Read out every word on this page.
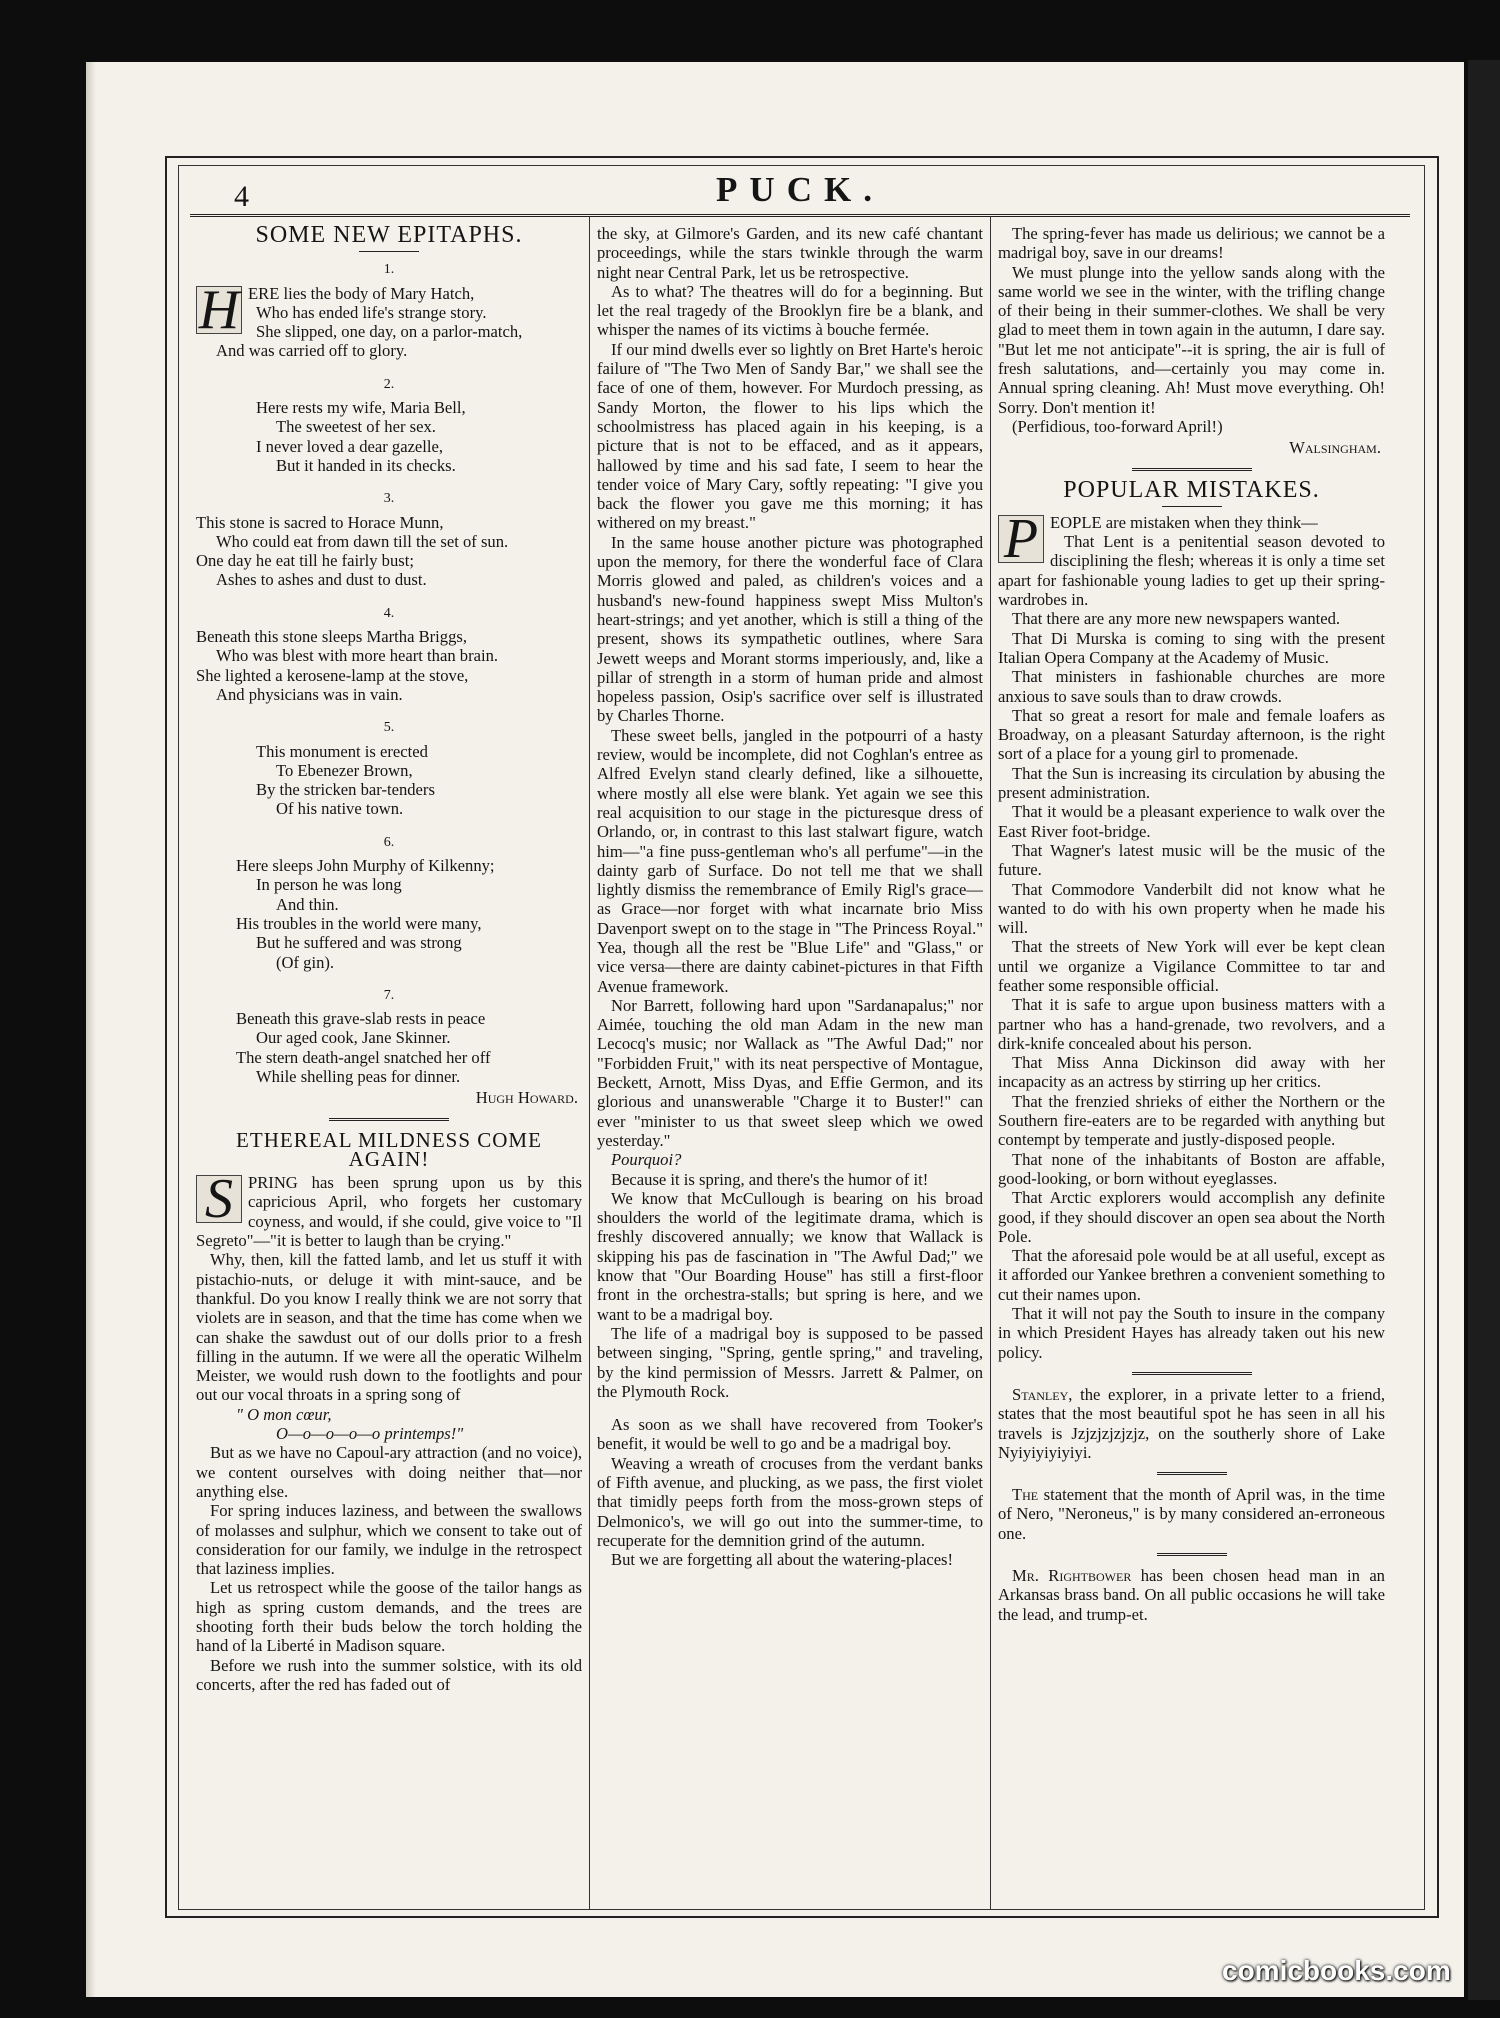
4	PUCK.
SOME NEW EPITAPHS.
1.
H ERE lies the body of Mary Hatch,
Who has ended life's strange story.
She slipped, one day, on a parlor-match,
And was carried off to glory.
2.
Here rests my wife, Maria Bell,
The sweetest of her sex.
I never loved a dear gazelle,
But it handed in its checks.
3.
This stone is sacred to Horace Munn,
Who could eat from dawn till the set of sun.
One day he eat till he fairly bust;
Ashes to ashes and dust to dust.
4.
Beneath this stone sleeps Martha Briggs,
Who was blest with more heart than brain.
She lighted a kerosene-lamp at the stove,
And physicians was in vain.
5.
This monument is erected
To Ebenezer Brown,
By the stricken bar-tenders
Of his native town.
6.
Here sleeps John Murphy of Kilkenny;
In person he was long
And thin.
His troubles in the world were many,
But he suffered and was strong
(Of gin).
7.
Beneath this grave-slab rests in peace
Our aged cook, Jane Skinner.
The stern death-angel snatched her off
While shelling peas for dinner.
Hugh Howard.
ETHEREAL MILDNESS COME AGAIN!
S PRING has been sprung upon us by this capricious April, who forgets her customary coyness, and would, if she could, give voice to "Il Segreto"—"it is better to laugh than be crying."

Why, then, kill the fatted lamb, and let us stuff it with pistachio-nuts, or deluge it with mint-sauce, and be thankful. Do you know I really think we are not sorry that violets are in season, and that the time has come when we can shake the sawdust out of our dolls prior to a fresh filling in the autumn. If we were all the operatic Wilhelm Meister, we would rush down to the footlights and pour out our vocal throats in a spring song of

" O mon cœur,
O—o—o—o—o printemps!"

But as we have no Capoul-ary attraction (and no voice), we content ourselves with doing neither that—nor anything else.

For spring induces laziness, and between the swallows of molasses and sulphur, which we consent to take out of consideration for our family, we indulge in the retrospect that laziness implies.

Let us retrospect while the goose of the tailor hangs as high as spring custom demands, and the trees are shooting forth their buds below the torch holding the hand of la Liberté in Madison square.

Before we rush into the summer solstice, with its old concerts, after the red has faded out of

the sky, at Gilmore's Garden, and its new café chantant proceedings, while the stars twinkle through the warm night near Central Park, let us be retrospective.

As to what? The theatres will do for a beginning. But let the real tragedy of the Brooklyn fire be a blank, and whisper the names of its victims à bouche fermée.

If our mind dwells ever so lightly on Bret Harte's heroic failure of "The Two Men of Sandy Bar," we shall see the face of one of them, however. For Murdoch pressing, as Sandy Morton, the flower to his lips which the schoolmistress has placed again in his keeping, is a picture that is not to be effaced, and as it appears, hallowed by time and his sad fate, I seem to hear the tender voice of Mary Cary, softly repeating: "I give you back the flower you gave me this morning; it has withered on my breast."

In the same house another picture was photographed upon the memory, for there the wonderful face of Clara Morris glowed and paled, as children's voices and a husband's new-found happiness swept Miss Multon's heart-strings; and yet another, which is still a thing of the present, shows its sympathetic outlines, where Sara Jewett weeps and Morant storms imperiously, and, like a pillar of strength in a storm of human pride and almost hopeless passion, Osip's sacrifice over self is illustrated by Charles Thorne.

These sweet bells, jangled in the potpourri of a hasty review, would be incomplete, did not Coghlan's entree as Alfred Evelyn stand clearly defined, like a silhouette, where mostly all else were blank. Yet again we see this real acquisition to our stage in the picturesque dress of Orlando, or, in contrast to this last stalwart figure, watch him—"a fine puss-gentleman who's all perfume"—in the dainty garb of Surface. Do not tell me that we shall lightly dismiss the remembrance of Emily Rigl's grace—as Grace—nor forget with what incarnate brio Miss Davenport swept on to the stage in "The Princess Royal." Yea, though all the rest be "Blue Life" and "Glass," or vice versa—there are dainty cabinet-pictures in that Fifth Avenue framework.

Nor Barrett, following hard upon "Sardanapalus;" nor Aimée, touching the old man Adam in the new man Lecocq's music; nor Wallack as "The Awful Dad;" nor "Forbidden Fruit," with its neat perspective of Montague, Beckett, Arnott, Miss Dyas, and Effie Germon, and its glorious and unanswerable "Charge it to Buster!" can ever "minister to us that sweet sleep which we owed yesterday."

Pourquoi?

Because it is spring, and there's the humor of it!

We know that McCullough is bearing on his broad shoulders the world of the legitimate drama, which is freshly discovered annually; we know that Wallack is skipping his pas de fascination in "The Awful Dad;" we know that "Our Boarding House" has still a first-floor front in the orchestra-stalls; but spring is here, and we want to be a madrigal boy.

The life of a madrigal boy is supposed to be passed between singing, "Spring, gentle spring," and traveling, by the kind permission of Messrs. Jarrett & Palmer, on the Plymouth Rock.

As soon as we shall have recovered from Tooker's benefit, it would be well to go and be a madrigal boy.

Weaving a wreath of crocuses from the verdant banks of Fifth avenue, and plucking, as we pass, the first violet that timidly peeps forth from the moss-grown steps of Delmonico's, we will go out into the summer-time, to recuperate for the demnition grind of the autumn.

But we are forgetting all about the watering-places!

The spring-fever has made us delirious; we cannot be a madrigal boy, save in our dreams!

We must plunge into the yellow sands along with the same world we see in the winter, with the trifling change of their being in their summer-clothes. We shall be very glad to meet them in town again in the autumn, I dare say. "But let me not anticipate"--it is spring, the air is full of fresh salutations, and—certainly you may come in. Annual spring cleaning. Ah! Must move everything. Oh! Sorry. Don't mention it!

(Perfidious, too-forward April!)

Walsingham.
POPULAR MISTAKES.
P EOPLE are mistaken when they think—

That Lent is a penitential season devoted to disciplining the flesh; whereas it is only a time set apart for fashionable young ladies to get up their spring-wardrobes in.

That there are any more new newspapers wanted.

That Di Murska is coming to sing with the present Italian Opera Company at the Academy of Music.

That ministers in fashionable churches are more anxious to save souls than to draw crowds.

That so great a resort for male and female loafers as Broadway, on a pleasant Saturday afternoon, is the right sort of a place for a young girl to promenade.

That the Sun is increasing its circulation by abusing the present administration.

That it would be a pleasant experience to walk over the East River foot-bridge.

That Wagner's latest music will be the music of the future.

That Commodore Vanderbilt did not know what he wanted to do with his own property when he made his will.

That the streets of New York will ever be kept clean until we organize a Vigilance Committee to tar and feather some responsible official.

That it is safe to argue upon business matters with a partner who has a hand-grenade, two revolvers, and a dirk-knife concealed about his person.

That Miss Anna Dickinson did away with her incapacity as an actress by stirring up her critics.

That the frenzied shrieks of either the Northern or the Southern fire-eaters are to be regarded with anything but contempt by temperate and justly-disposed people.

That none of the inhabitants of Boston are affable, good-looking, or born without eyeglasses.

That Arctic explorers would accomplish any definite good, if they should discover an open sea about the North Pole.

That the aforesaid pole would be at all useful, except as it afforded our Yankee brethren a convenient something to cut their names upon.

That it will not pay the South to insure in the company in which President Hayes has already taken out his new policy.

Stanley, the explorer, in a private letter to a friend, states that the most beautiful spot he has seen in all his travels is Jzjzjzjzjzjz, on the southerly shore of Lake Nyiyiyiyiyiyi.

The statement that the month of April was, in the time of Nero, "Neroneus," is by many considered an-erroneous one.

Mr. Rightbower has been chosen head man in an Arkansas brass band. On all public occasions he will take the lead, and trump-et.

comicbooks.com
